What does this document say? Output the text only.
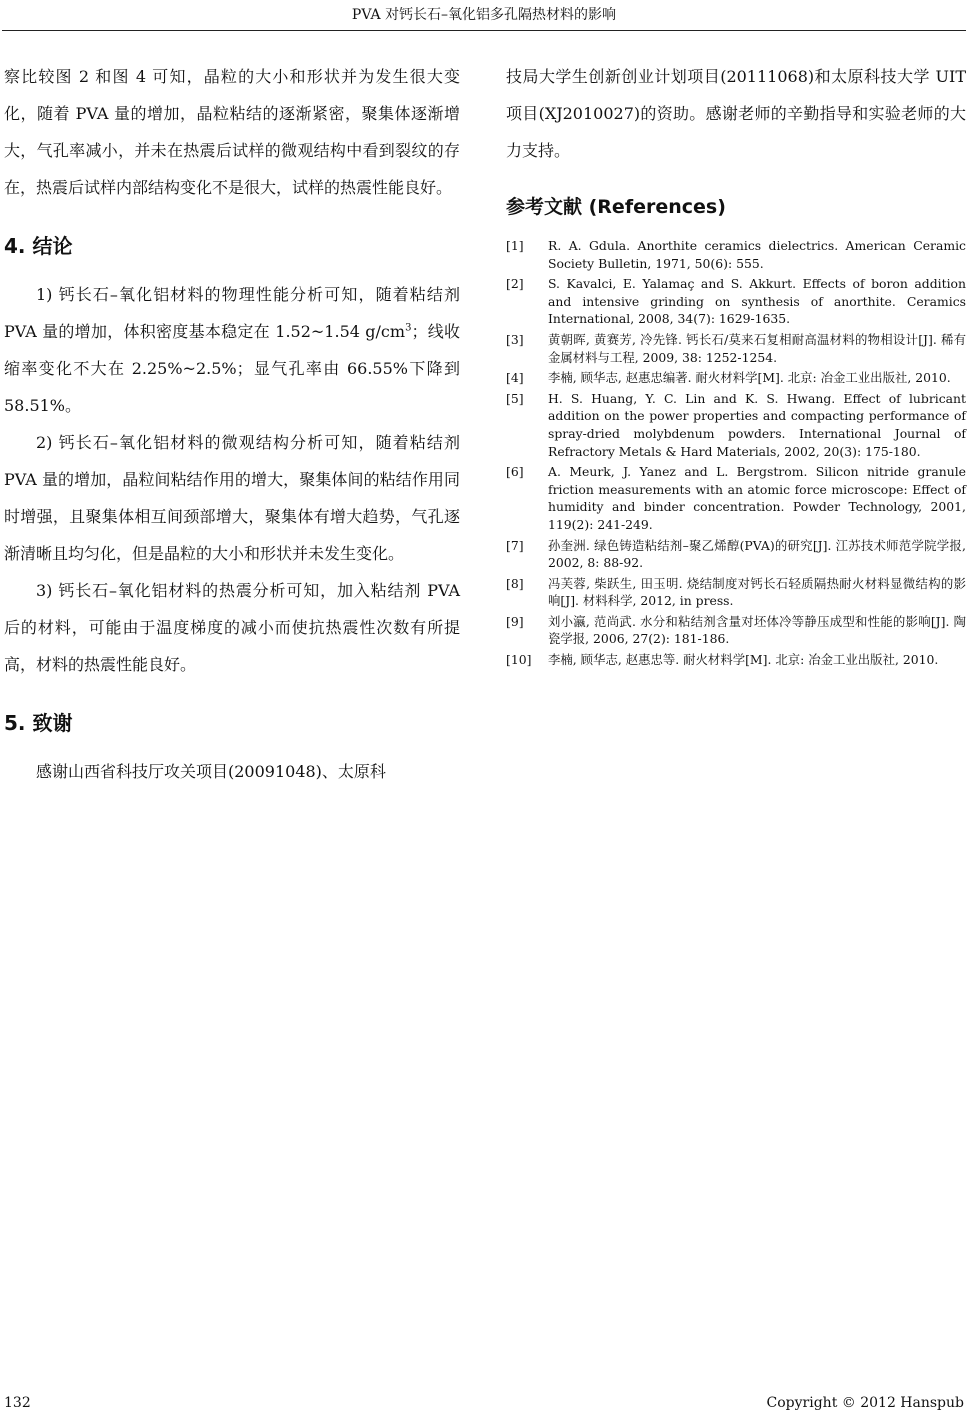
PVA 对钙长石–氧化铝多孔隔热材料的影响

察比较图 2 和图 4 可知，晶粒的大小和形状并为发生很大变化，随着 PVA 量的增加，晶粒粘结的逐渐紧密，聚集体逐渐增大，气孔率减小，并未在热震后试样的微观结构中看到裂纹的存在，热震后试样内部结构变化不是很大，试样的热震性能良好。

4. 结论

1) 钙长石–氧化铝材料的物理性能分析可知，随着粘结剂 PVA 量的增加，体积密度基本稳定在 1.52~1.54 $g/cm^3$；线收缩率变化不大在 2.25%~2.5%；显气孔率由 66.55%下降到 58.51%。

2) 钙长石–氧化铝材料的微观结构分析可知，随着粘结剂 PVA 量的增加，晶粒间粘结作用的增大，聚集体间的粘结作用同时增强，且聚集体相互间颈部增大，聚集体有增大趋势，气孔逐渐清晰且均匀化，但是晶粒的大小和形状并未发生变化。

3) 钙长石–氧化铝材料的热震分析可知，加入粘结剂 PVA 后的材料，可能由于温度梯度的减小而使抗热震性次数有所提高，材料的热震性能良好。

5. 致谢

感谢山西省科技厅攻关项目(20091048)、太原科

技局大学生创新创业计划项目(20111068)和太原科技大学 UIT 项目(XJ2010027)的资助。感谢老师的辛勤指导和实验老师的大力支持。

参考文献 (References)
[1] R. A. Gdula. Anorthite ceramics dielectrics. American Ceramic Society Bulletin, 1971, 50(6): 555.
[2] S. Kavalci, E. Yalamaç and S. Akkurt. Effects of boron addition and intensive grinding on synthesis of anorthite. Ceramics International, 2008, 34(7): 1629-1635.
[3] 黄朝晖, 黄赛芳, 冷先锋. 钙长石/莫来石复相耐高温材料的物相设计[J]. 稀有金属材料与工程, 2009, 38: 1252-1254.
[4] 李楠, 顾华志, 赵惠忠编著. 耐火材料学[M]. 北京: 冶金工业出版社, 2010.
[5] H. S. Huang, Y. C. Lin and K. S. Hwang. Effect of lubricant addition on the power properties and compacting performance of spray-dried molybdenum powders. International Journal of Refractory Metals & Hard Materials, 2002, 20(3): 175-180.
[6] A. Meurk, J. Yanez and L. Bergstrom. Silicon nitride granule friction measurements with an atomic force microscope: Effect of humidity and binder concentration. Powder Technology, 2001, 119(2): 241-249.
[7] 孙奎洲. 绿色铸造粘结剂–聚乙烯醇(PVA)的研究[J]. 江苏技术师范学院学报, 2002, 8: 88-92.
[8] 冯芙蓉, 柴跃生, 田玉明. 烧结制度对钙长石轻质隔热耐火材料显微结构的影响[J]. 材料科学, 2012, in press.
[9] 刘小瀛, 范尚武. 水分和粘结剂含量对坯体冷等静压成型和性能的影响[J]. 陶瓷学报, 2006, 27(2): 181-186.
[10] 李楠, 顾华志, 赵惠忠等. 耐火材料学[M]. 北京: 冶金工业出版社, 2010.
132	Copyright © 2012 Hanspub
